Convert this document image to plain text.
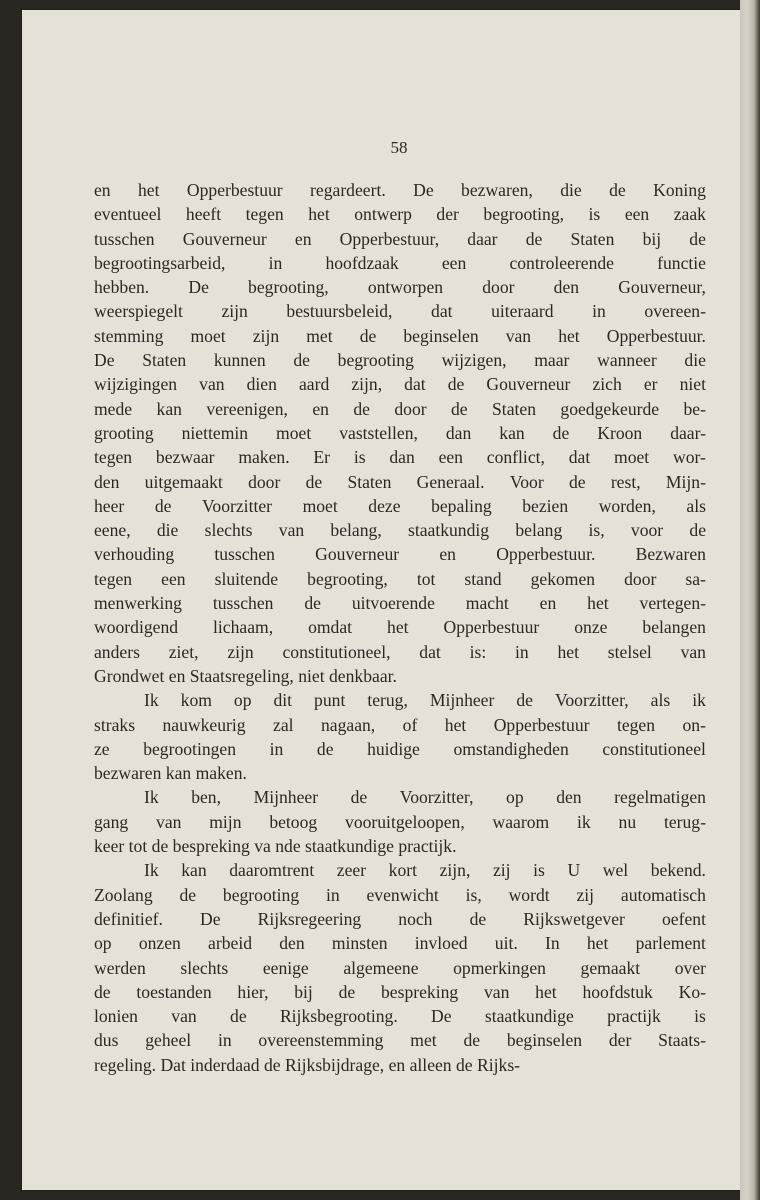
58
en het Opperbestuur regardeert. De bezwaren, die de Koning
eventueel heeft tegen het ontwerp der begrooting, is een zaak
tusschen Gouverneur en Opperbestuur, daar de Staten bij de
begrootingsarbeid, in hoofdzaak een controleerende functie
hebben. De begrooting, ontworpen door den Gouverneur,
weerspiegelt zijn bestuursbeleid, dat uiteraard in overeen-
stemming moet zijn met de beginselen van het Opperbestuur.
De Staten kunnen de begrooting wijzigen, maar wanneer die
wijzigingen van dien aard zijn, dat de Gouverneur zich er niet
mede kan vereenigen, en de door de Staten goedgekeurde be-
grooting niettemin moet vaststellen, dan kan de Kroon daar-
tegen bezwaar maken. Er is dan een conflict, dat moet wor-
den uitgemaakt door de Staten Generaal. Voor de rest, Mijn-
heer de Voorzitter moet deze bepaling bezien worden, als
eene, die slechts van belang, staatkundig belang is, voor de
verhouding tusschen Gouverneur en Opperbestuur. Bezwaren
tegen een sluitende begrooting, tot stand gekomen door sa-
menwerking tusschen de uitvoerende macht en het vertegen-
woordigend lichaam, omdat het Opperbestuur onze belangen
anders ziet, zijn constitutioneel, dat is: in het stelsel van
Grondwet en Staatsregeling, niet denkbaar.
Ik kom op dit punt terug, Mijnheer de Voorzitter, als ik
straks nauwkeurig zal nagaan, of het Opperbestuur tegen on-
ze begrootingen in de huidige omstandigheden constitutioneel
bezwaren kan maken.
Ik ben, Mijnheer de Voorzitter, op den regelmatigen
gang van mijn betoog vooruitgeloopen, waarom ik nu terug-
keer tot de bespreking va nde staatkundige practijk.
Ik kan daaromtrent zeer kort zijn, zij is U wel bekend.
Zoolang de begrooting in evenwicht is, wordt zij automatisch
definitief. De Rijksregeering noch de Rijkswetgever oefent
op onzen arbeid den minsten invloed uit. In het parlement
werden slechts eenige algemeene opmerkingen gemaakt over
de toestanden hier, bij de bespreking van het hoofdstuk Ko-
lonien van de Rijksbegrooting. De staatkundige practijk is
dus geheel in overeenstemming met de beginselen der Staats-
regeling. Dat inderdaad de Rijksbijdrage, en alleen de Rijks-
